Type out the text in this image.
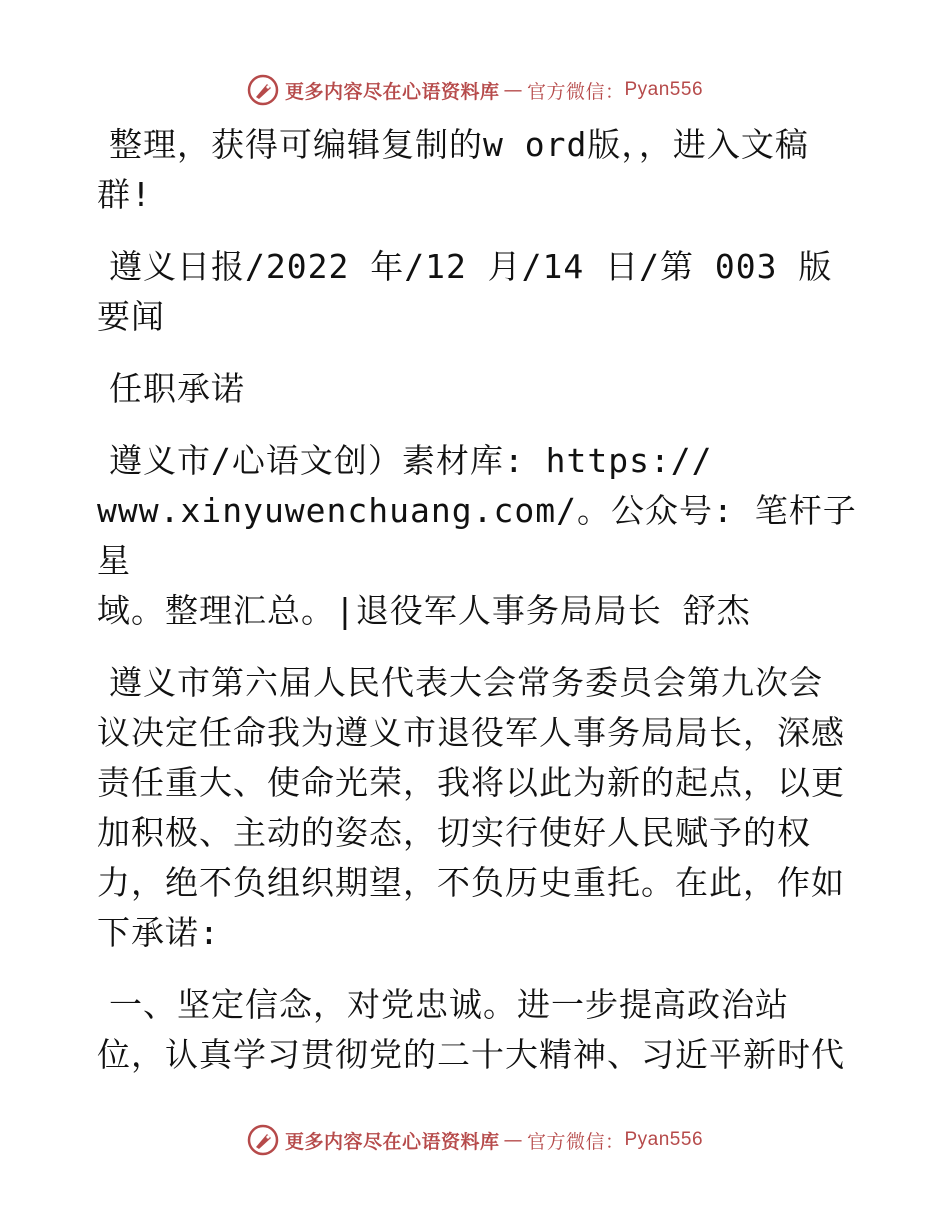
更多内容尽在心语资料库 — 官方微信： Pyan556

整理，获得可编辑复制的w ord版，，进入文稿
群!

遵义日报/2022 年/12 月/14 日/第 003 版要闻

任职承诺

遵义市/心语文创）素材库: https://
www.xinyuwenchuang.com/。公众号: 笔杆子星
域。整理汇总。|退役军人事务局局长 舒杰

遵义市第六届人民代表大会常务委员会第九次会
议决定任命我为遵义市退役军人事务局局长，深感
责任重大、使命光荣，我将以此为新的起点，以更
加积极、主动的姿态，切实行使好人民赋予的权
力，绝不负组织期望，不负历史重托。在此，作如
下承诺:

一、坚定信念，对党忠诚。进一步提高政治站
位，认真学习贯彻党的二十大精神、习近平新时代

更多内容尽在心语资料库 — 官方微信： Pyan556
